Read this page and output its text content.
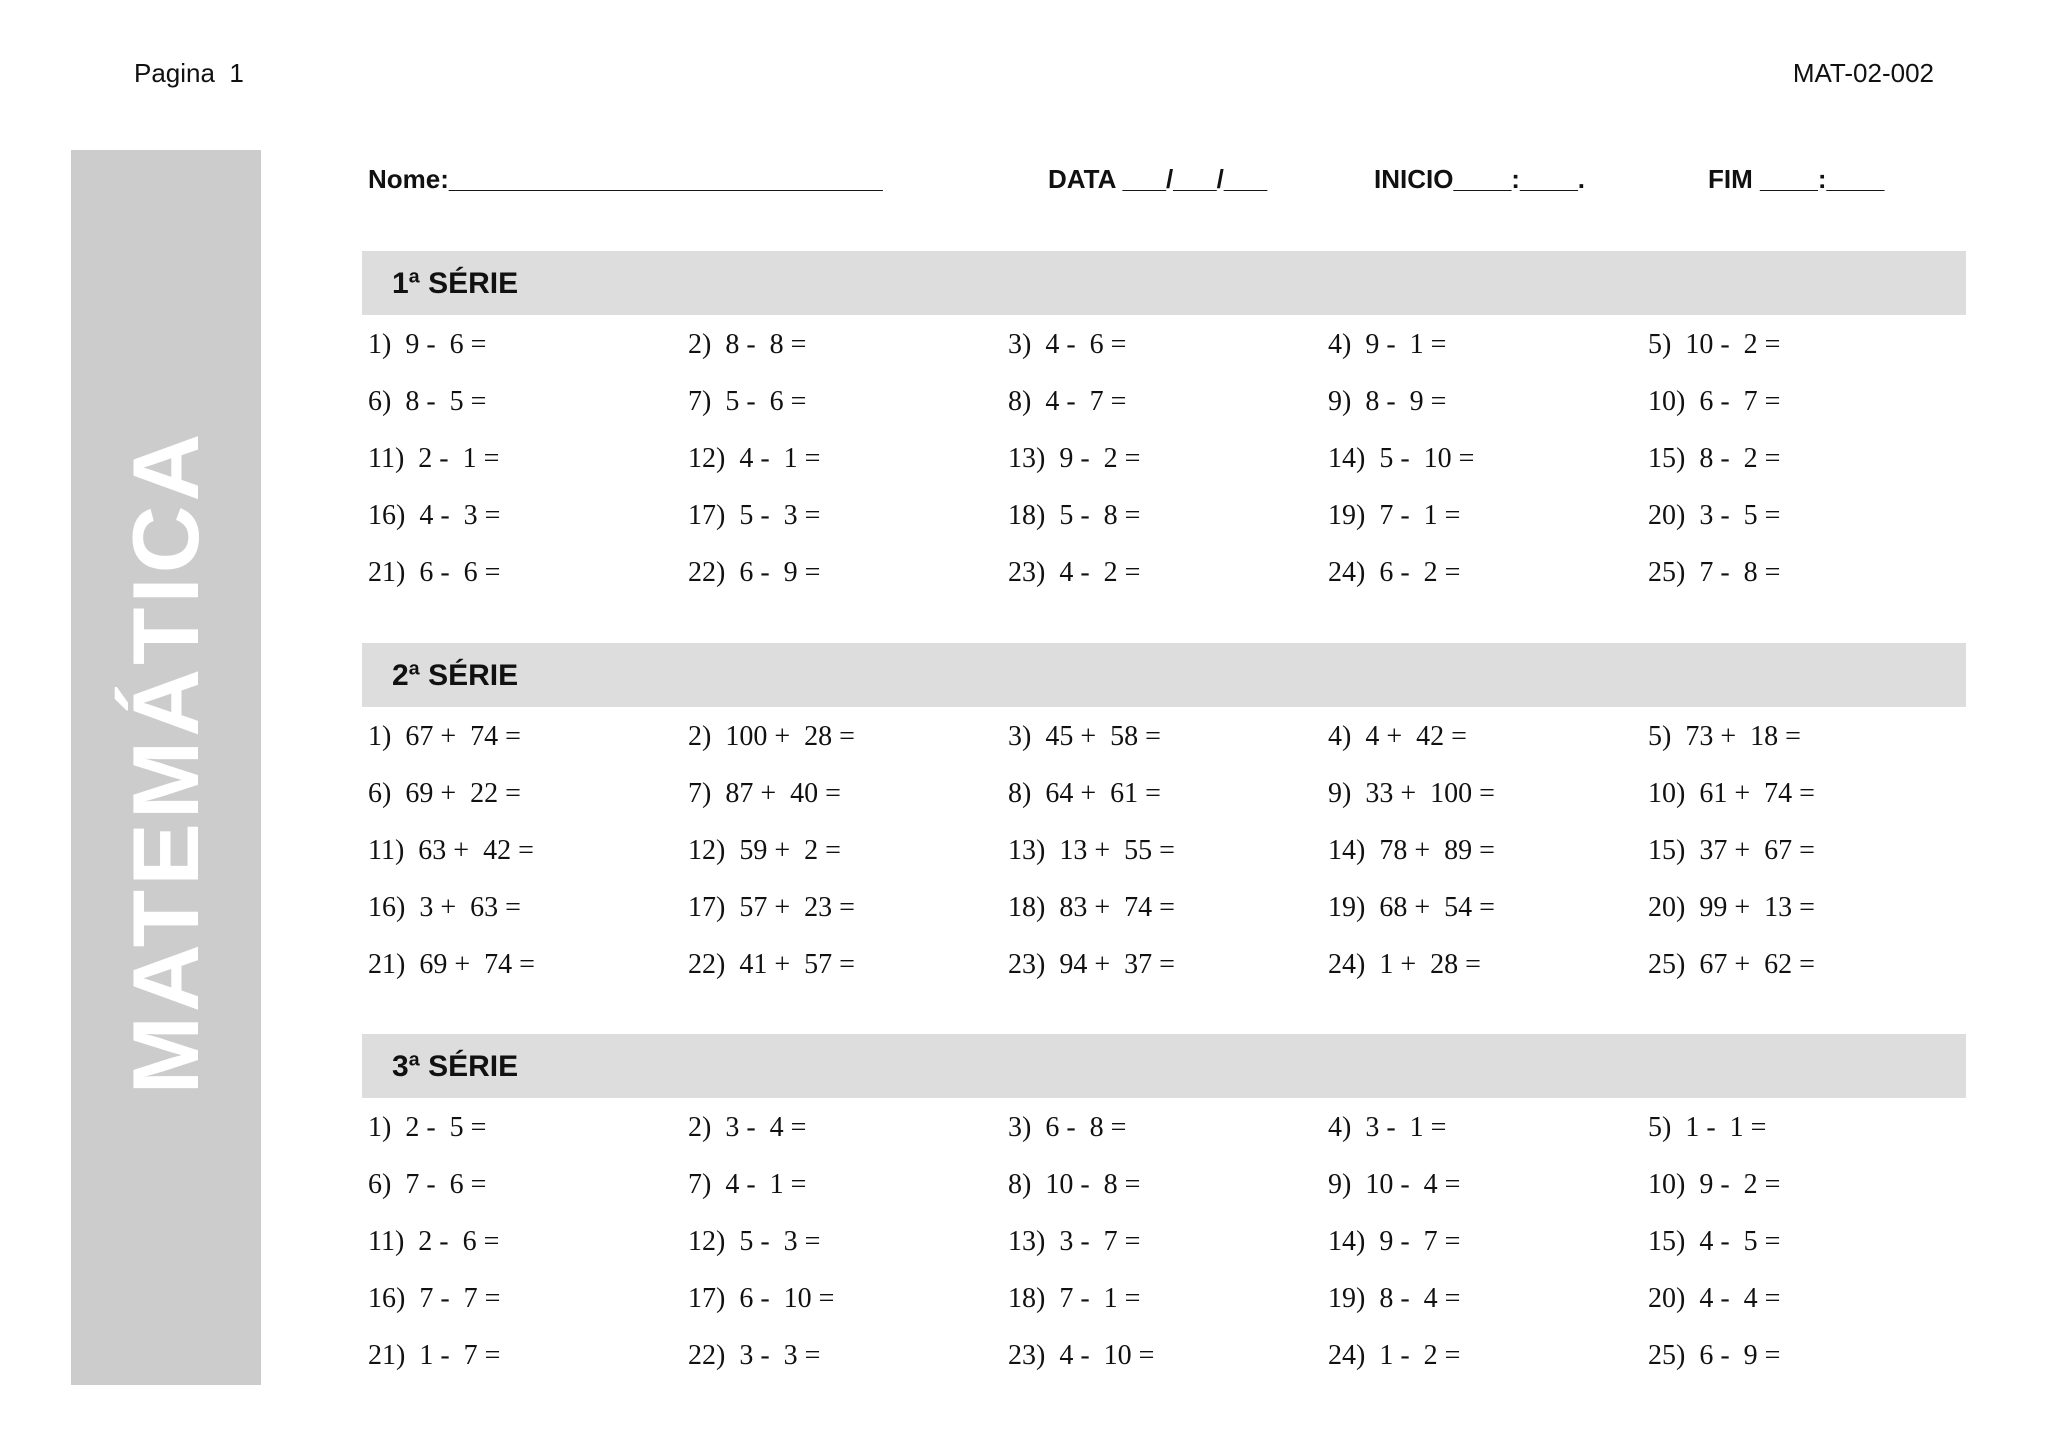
Pagina  1	MAT-02-002
MATEMÁTICA
Nome:______________________________	DATA ___/___/___	INICIO____:____.	FIM ____:____
1ª SÉRIE
1)  9 -  6 =	2)  8 -  8 =	3)  4 -  6 =	4)  9 -  1 =	5)  10 -  2 =
6)  8 -  5 =	7)  5 -  6 =	8)  4 -  7 =	9)  8 -  9 =	10)  6 -  7 =
11)  2 -  1 =	12)  4 -  1 =	13)  9 -  2 =	14)  5 -  10 =	15)  8 -  2 =
16)  4 -  3 =	17)  5 -  3 =	18)  5 -  8 =	19)  7 -  1 =	20)  3 -  5 =
21)  6 -  6 =	22)  6 -  9 =	23)  4 -  2 =	24)  6 -  2 =	25)  7 -  8 =
2ª SÉRIE
1)  67 +  74 =	2)  100 +  28 =	3)  45 +  58 =	4)  4 +  42 =	5)  73 +  18 =
6)  69 +  22 =	7)  87 +  40 =	8)  64 +  61 =	9)  33 +  100 =	10)  61 +  74 =
11)  63 +  42 =	12)  59 +  2 =	13)  13 +  55 =	14)  78 +  89 =	15)  37 +  67 =
16)  3 +  63 =	17)  57 +  23 =	18)  83 +  74 =	19)  68 +  54 =	20)  99 +  13 =
21)  69 +  74 =	22)  41 +  57 =	23)  94 +  37 =	24)  1 +  28 =	25)  67 +  62 =
3ª SÉRIE
1)  2 -  5 =	2)  3 -  4 =	3)  6 -  8 =	4)  3 -  1 =	5)  1 -  1 =
6)  7 -  6 =	7)  4 -  1 =	8)  10 -  8 =	9)  10 -  4 =	10)  9 -  2 =
11)  2 -  6 =	12)  5 -  3 =	13)  3 -  7 =	14)  9 -  7 =	15)  4 -  5 =
16)  7 -  7 =	17)  6 -  10 =	18)  7 -  1 =	19)  8 -  4 =	20)  4 -  4 =
21)  1 -  7 =	22)  3 -  3 =	23)  4 -  10 =	24)  1 -  2 =	25)  6 -  9 =
